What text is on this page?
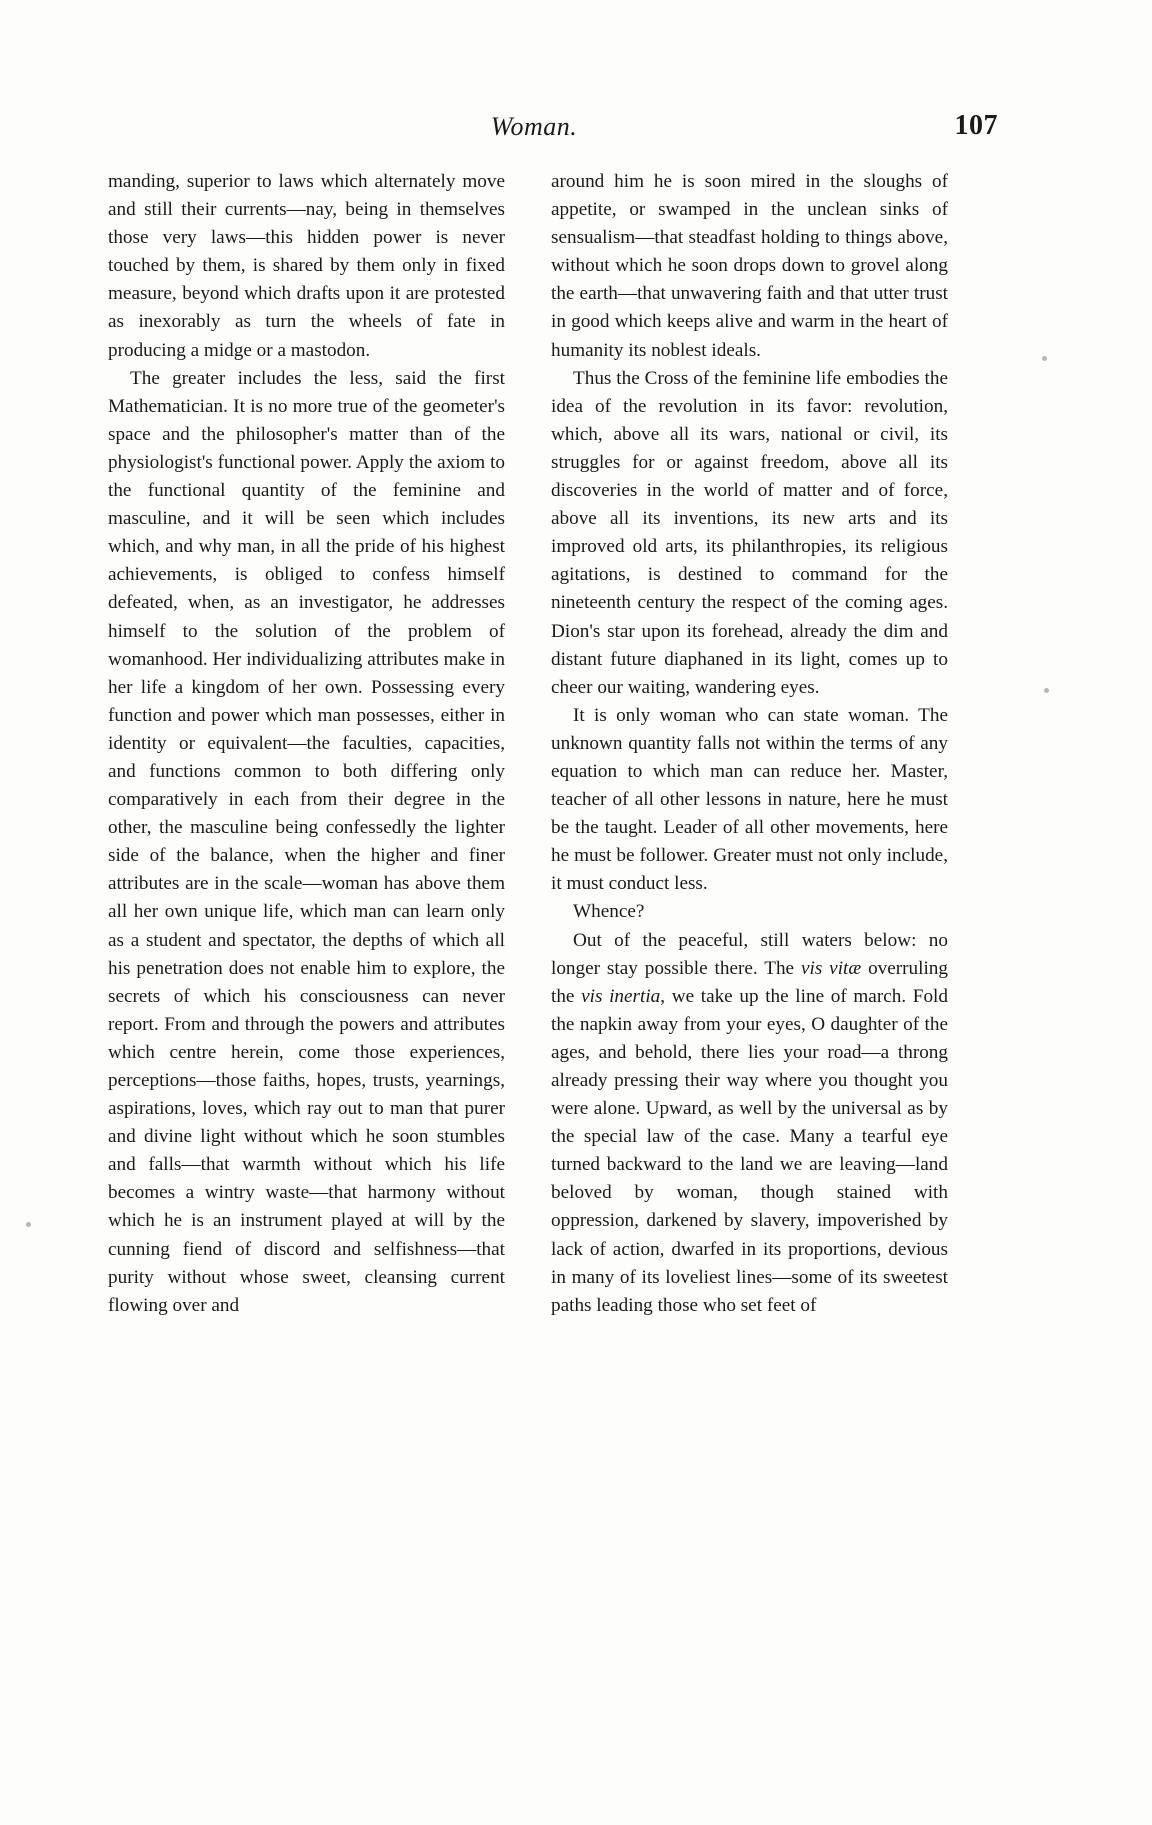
Woman.	107

manding, superior to laws which alternately move and still their currents—nay, being in themselves those very laws—this hidden power is never touched by them, is shared by them only in fixed measure, beyond which drafts upon it are protested as inexorably as turn the wheels of fate in producing a midge or a mastodon.

The greater includes the less, said the first Mathematician. It is no more true of the geometer's space and the philosopher's matter than of the physiologist's functional power. Apply the axiom to the functional quantity of the feminine and masculine, and it will be seen which includes which, and why man, in all the pride of his highest achievements, is obliged to confess himself defeated, when, as an investigator, he addresses himself to the solution of the problem of womanhood. Her individualizing attributes make in her life a kingdom of her own. Possessing every function and power which man possesses, either in identity or equivalent—the faculties, capacities, and functions common to both differing only comparatively in each from their degree in the other, the masculine being confessedly the lighter side of the balance, when the higher and finer attributes are in the scale—woman has above them all her own unique life, which man can learn only as a student and spectator, the depths of which all his penetration does not enable him to explore, the secrets of which his consciousness can never report. From and through the powers and attributes which centre herein, come those experiences, perceptions—those faiths, hopes, trusts, yearnings, aspirations, loves, which ray out to man that purer and divine light without which he soon stumbles and falls—that warmth without which his life becomes a wintry waste—that harmony without which he is an instrument played at will by the cunning fiend of discord and selfishness—that purity without whose sweet, cleansing current flowing over and

around him he is soon mired in the sloughs of appetite, or swamped in the unclean sinks of sensualism—that steadfast holding to things above, without which he soon drops down to grovel along the earth—that unwavering faith and that utter trust in good which keeps alive and warm in the heart of humanity its noblest ideals.

Thus the Cross of the feminine life embodies the idea of the revolution in its favor: revolution, which, above all its wars, national or civil, its struggles for or against freedom, above all its discoveries in the world of matter and of force, above all its inventions, its new arts and its improved old arts, its philanthropies, its religious agitations, is destined to command for the nineteenth century the respect of the coming ages. Dion's star upon its forehead, already the dim and distant future diaphaned in its light, comes up to cheer our waiting, wandering eyes.

It is only woman who can state woman. The unknown quantity falls not within the terms of any equation to which man can reduce her. Master, teacher of all other lessons in nature, here he must be the taught. Leader of all other movements, here he must be follower. Greater must not only include, it must conduct less.

Whence?

Out of the peaceful, still waters below: no longer stay possible there. The vis vitæ overruling the vis inertia, we take up the line of march. Fold the napkin away from your eyes, O daughter of the ages, and behold, there lies your road—a throng already pressing their way where you thought you were alone. Upward, as well by the universal as by the special law of the case. Many a tearful eye turned backward to the land we are leaving—land beloved by woman, though stained with oppression, darkened by slavery, impoverished by lack of action, dwarfed in its proportions, devious in many of its loveliest lines—some of its sweetest paths leading those who set feet of
